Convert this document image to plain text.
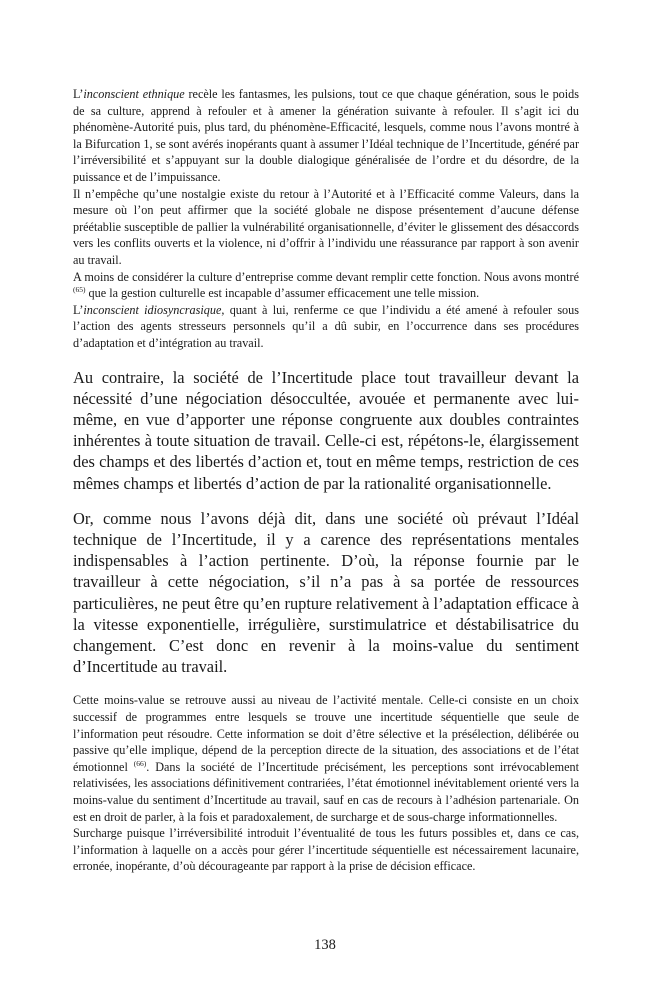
L’inconscient ethnique recèle les fantasmes, les pulsions, tout ce que chaque génération, sous le poids de sa culture, apprend à refouler et à amener la génération suivante à refouler. Il s’agit ici du phénomène-Autorité puis, plus tard, du phénomène-Efficacité, lesquels, comme nous l’avons montré à la Bifurcation 1, se sont avérés inopérants quant à assumer l’Idéal technique de l’Incertitude, généré par l’irréversibilité et s’appuyant sur la double dialogique généralisée de l’ordre et du désordre, de la puissance et de l’impuissance.

Il n’empêche qu’une nostalgie existe du retour à l’Autorité et à l’Efficacité comme Valeurs, dans la mesure où l’on peut affirmer que la société globale ne dispose présentement d’aucune défense préétablie susceptible de pallier la vulnérabilité organisationnelle, d’éviter le glissement des désaccords vers les conflits ouverts et la violence, ni d’offrir à l’individu une réassurance par rapport à son avenir au travail.

A moins de considérer la culture d’entreprise comme devant remplir cette fonction. Nous avons montré $^{(65)}$ que la gestion culturelle est incapable d’assumer efficacement une telle mission.

L’inconscient idiosyncrasique, quant à lui, renferme ce que l’individu a été amené à refouler sous l’action des agents stresseurs personnels qu’il a dû subir, en l’occurrence dans ses procédures d’adaptation et d’intégration au travail.

Au contraire, la société de l’Incertitude place tout travailleur devant la nécessité d’une négociation désoccultée, avouée et permanente avec lui-même, en vue d’apporter une réponse congruente aux doubles contraintes inhérentes à toute situation de travail. Celle-ci est, répétons-le, élargissement des champs et des libertés d’action et, tout en même temps, restriction de ces mêmes champs et libertés d’action de par la rationalité organisationnelle.

Or, comme nous l’avons déjà dit, dans une société où prévaut l’Idéal technique de l’Incertitude, il y a carence des représentations mentales indispensables à l’action pertinente. D’où, la réponse fournie par le travailleur à cette négociation, s’il n’a pas à sa portée de ressources particulières, ne peut être qu’en rupture relativement à l’adaptation efficace à la vitesse exponentielle, irrégulière, surstimulatrice et déstabilisatrice du changement. C’est donc en revenir à la moins-value du sentiment d’Incertitude au travail.

Cette moins-value se retrouve aussi au niveau de l’activité mentale. Celle-ci consiste en un choix successif de programmes entre lesquels se trouve une incertitude séquentielle que seule de l’information peut résoudre. Cette information se doit d’être sélective et la présélection, délibérée ou passive qu’elle implique, dépend de la perception directe de la situation, des associations et de l’état émotionnel $^{(66)}$. Dans la société de l’Incertitude précisément, les perceptions sont irrévocablement relativisées, les associations définitivement contrariées, l’état émotionnel inévitablement orienté vers la moins-value du sentiment d’Incertitude au travail, sauf en cas de recours à l’adhésion partenariale. On est en droit de parler, à la fois et paradoxalement, de surcharge et de sous-charge informationnelles.

Surcharge puisque l’irréversibilité introduit l’éventualité de tous les futurs possibles et, dans ce cas, l’information à laquelle on a accès pour gérer l’incertitude séquentielle est nécessairement lacunaire, erronée, inopérante, d’où décourageante par rapport à la prise de décision efficace.

138
